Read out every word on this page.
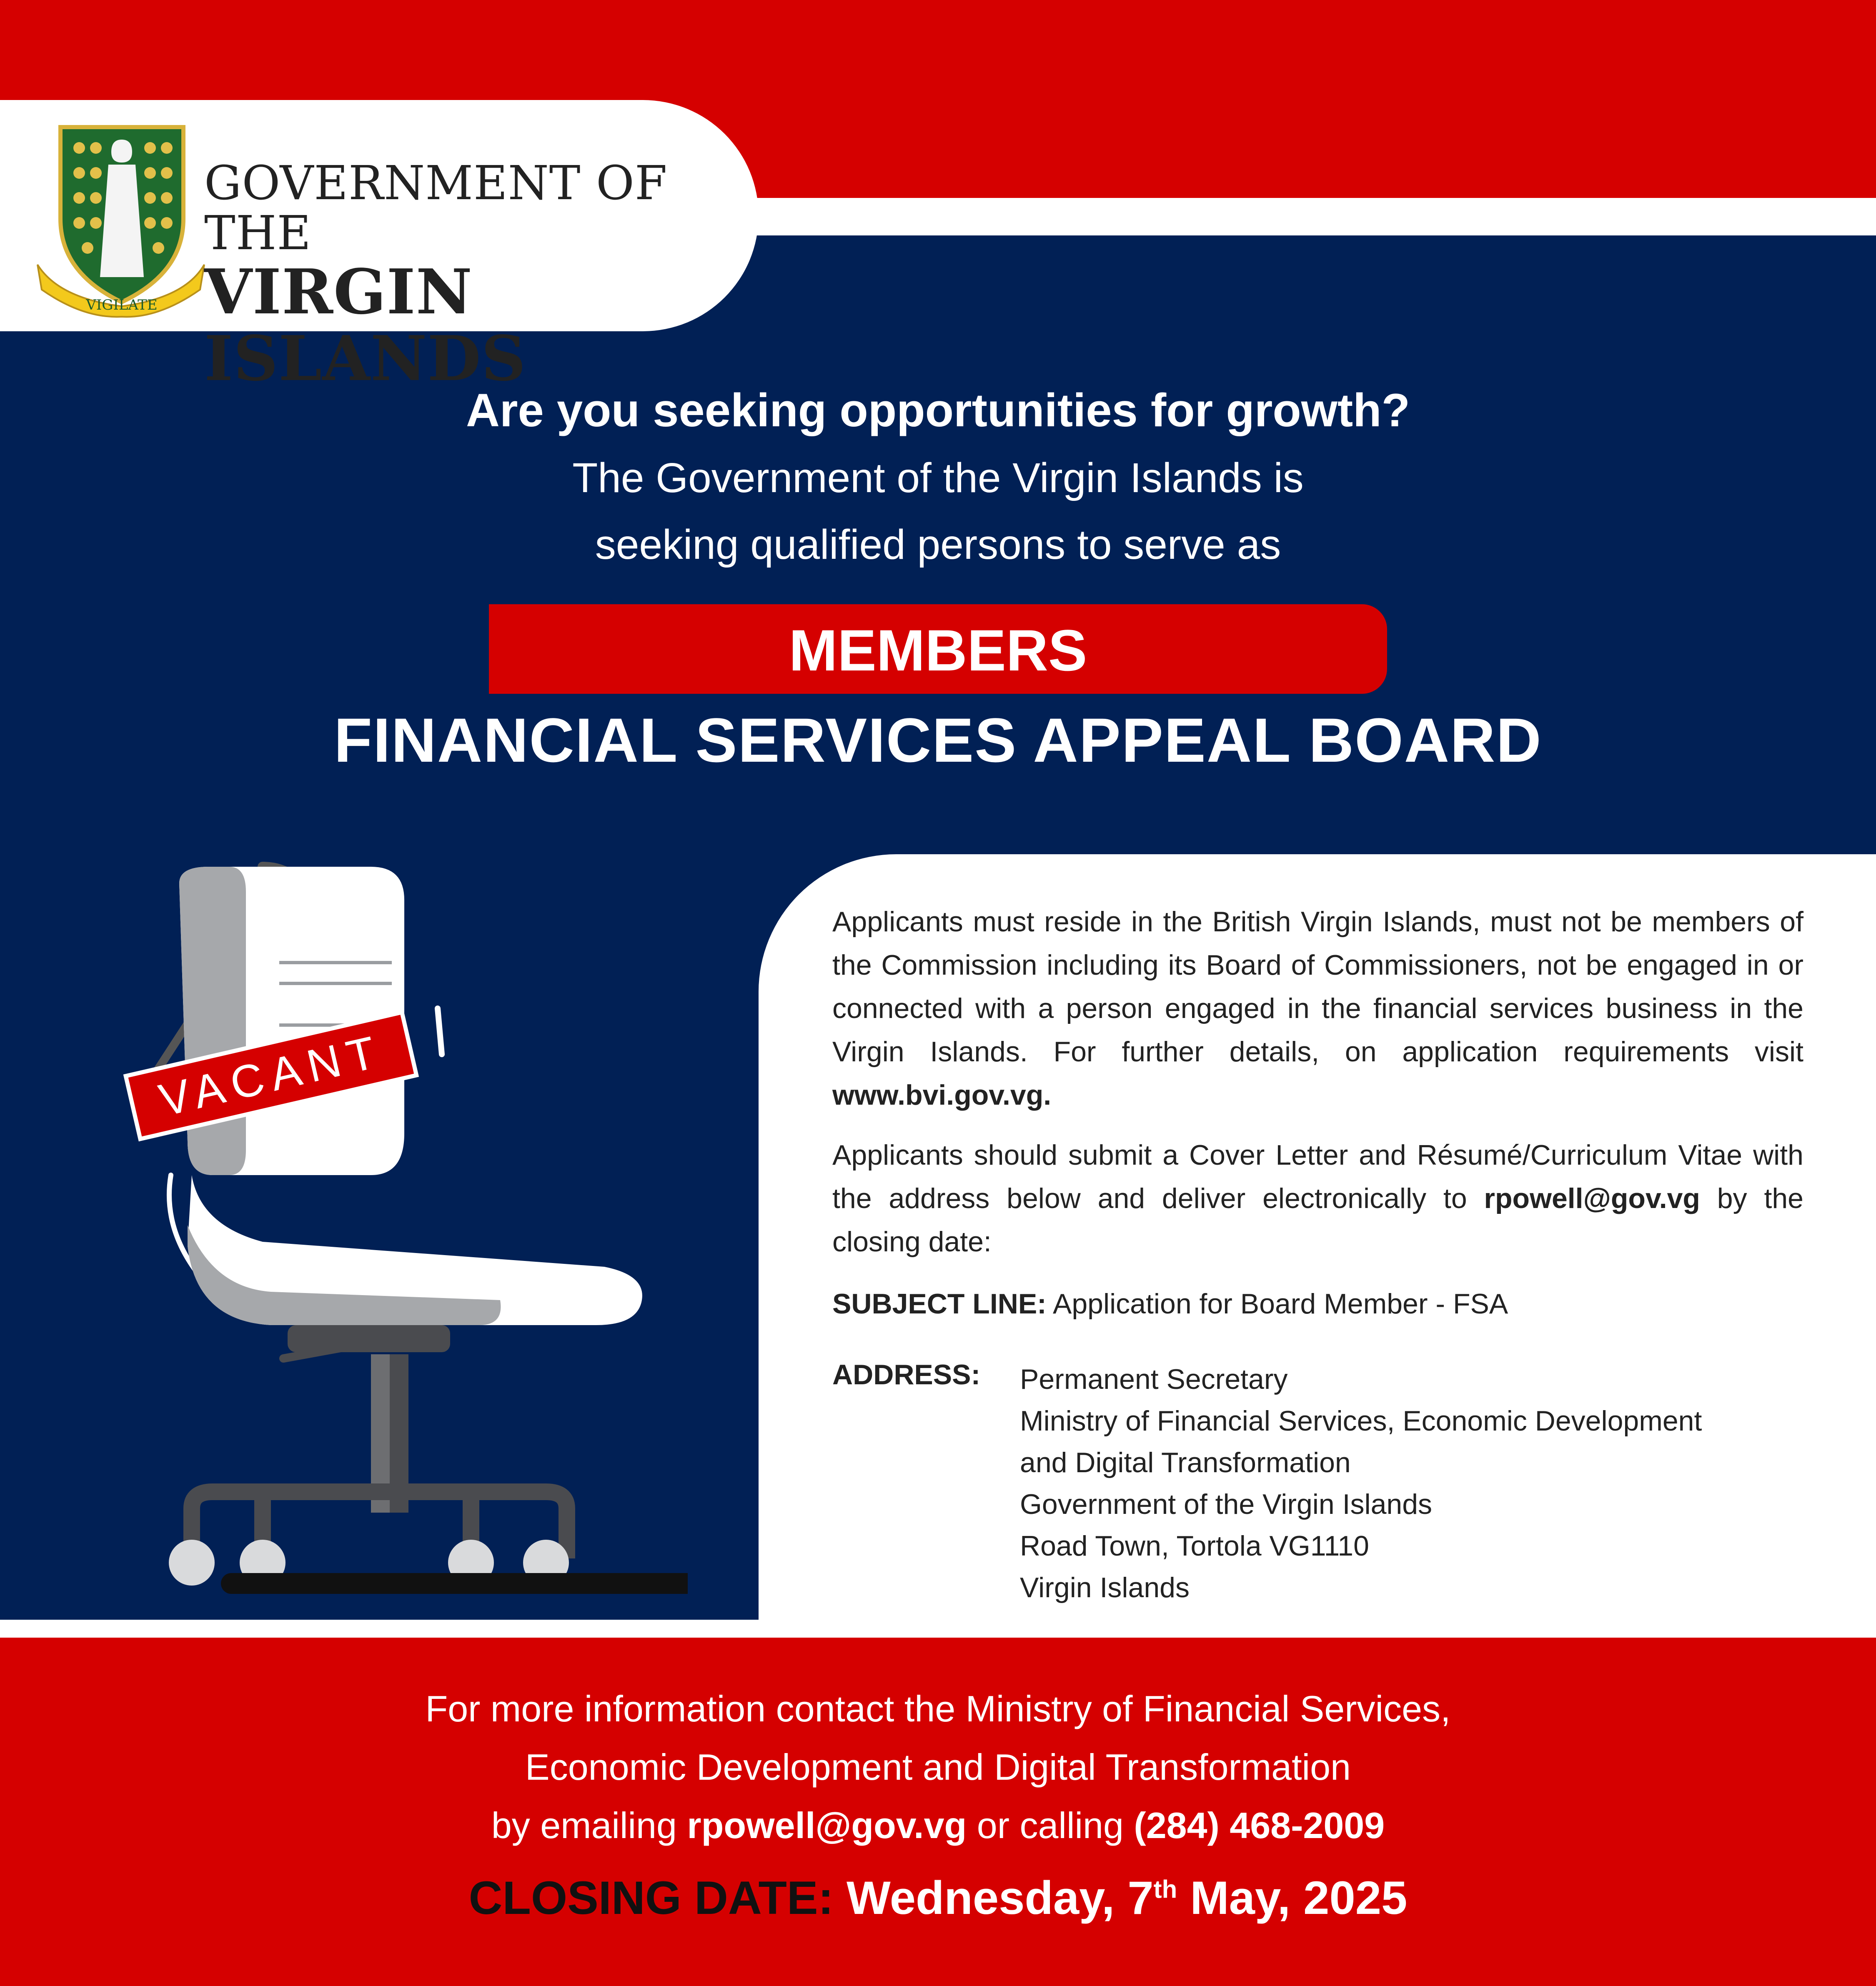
VIGILATE
GOVERNMENT OF THE
VIRGIN ISLANDS
Are you seeking opportunities for growth?
The Government of the Virgin Islands is
seeking qualified persons to serve as
MEMBERS
FINANCIAL SERVICES APPEAL BOARD
VACANT
Applicants must reside in the British Virgin Islands, must not be members of the Commission including its Board of Commissioners, not be engaged in or connected with a person engaged in the financial services business in the Virgin Islands. For further details, on application requirements visit www.bvi.gov.vg.
Applicants should submit a Cover Letter and Résumé/Curriculum Vitae with the address below and deliver electronically to rpowell@gov.vg by the closing date:
SUBJECT LINE: Application for Board Member - FSA
ADDRESS: Permanent Secretary
Ministry of Financial Services, Economic Development
and Digital Transformation
Government of the Virgin Islands
Road Town, Tortola VG1110
Virgin Islands
For more information contact the Ministry of Financial Services,
Economic Development and Digital Transformation
by emailing rpowell@gov.vg or calling (284) 468-2009
CLOSING DATE: Wednesday, 7th May, 2025
